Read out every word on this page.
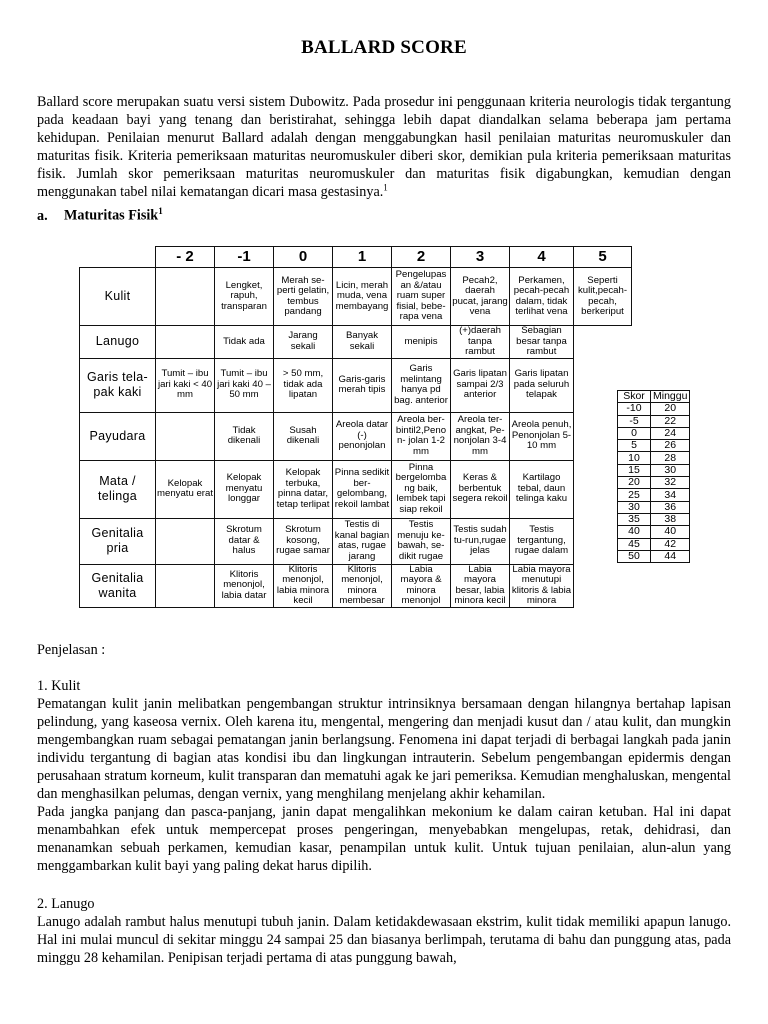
BALLARD SCORE

Ballard score merupakan suatu versi sistem Dubowitz. Pada prosedur ini penggunaan kriteria neurologis tidak tergantung pada keadaan bayi yang tenang dan beristirahat, sehingga lebih dapat diandalkan selama beberapa jam pertama kehidupan. Penilaian menurut Ballard adalah dengan menggabungkan hasil penilaian maturitas neuromuskuler dan maturitas fisik. Kriteria pemeriksaan maturitas neuromuskuler diberi skor, demikian pula kriteria pemeriksaan maturitas fisik. Jumlah skor pemeriksaan maturitas neuromuskuler dan maturitas fisik digabungkan, kemudian dengan menggunakan tabel nilai kematangan dicari masa gestasinya.$^1$

a. Maturitas Fisik$^1$

	- 2	-1	0	1	2	3	4	5
Kulit		Lengket, rapuh, transparan	Merah se-perti gelatin, tembus pandang	Licin, merah muda, vena membayang	Pengelupas an &/atau ruam super fisial, bebe-rapa vena	Pecah2, daerah pucat, jarang vena	Perkamen, pecah-pecah dalam, tidak terlihat vena	Seperti kulit,pecah-pecah, berkeriput
Lanugo		Tidak ada	Jarang sekali	Banyak sekali	menipis	(+)daerah tanpa rambut	Sebagian besar tanpa rambut	
Garis tela-pak kaki	Tumit – ibu jari kaki < 40 mm	Tumit – ibu jari kaki 40 –50 mm	> 50 mm, tidak ada lipatan	Garis-garis merah tipis	Garis melintang hanya pd bag. anterior	Garis lipatan sampai 2/3 anterior	Garis lipatan pada seluruh telapak	
Payudara		Tidak dikenali	Susah dikenali	Areola datar (-) penonjolan	Areola ber-bintil2,Peno n- jolan 1-2 mm	Areola ter-angkat, Pe-nonjolan 3-4 mm	Areola penuh, Penonjolan 5- 10 mm	
Mata / telinga	Kelopak menyatu erat	Kelopak menyatu longgar	Kelopak terbuka, pinna datar, tetap terlipat	Pinna sedikit ber-gelombang, rekoil lambat	Pinna bergelomba ng baik, lembek tapi siap rekoil	Keras & berbentuk segera rekoil	Kartilago tebal, daun telinga kaku	
Genitalia pria		Skrotum datar & halus	Skrotum kosong, rugae samar	Testis di kanal bagian atas, rugae jarang	Testis menuju ke-bawah, se-dikit rugae	Testis sudah tu-run,rugae jelas	Testis tergantung, rugae dalam	
Genitalia wanita		Klitoris menonjol, labia datar	Klitoris menonjol, labia minora kecil	Klitoris menonjol, minora membesar	Labia mayora & minora menonjol	Labia mayora besar, labia minora kecil	Labia mayora menutupi klitoris & labia minora	
Skor	Minggu
-10	20
-5	22
0	24
5	26
10	28
15	30
20	32
25	34
30	36
35	38
40	40
45	42
50	44

Penjelasan :

1. Kulit

Pematangan kulit janin melibatkan pengembangan struktur intrinsiknya bersamaan dengan hilangnya bertahap lapisan pelindung, yang kaseosa vernix. Oleh karena itu, mengental, mengering dan menjadi kusut dan / atau kulit, dan mungkin mengembangkan ruam sebagai pematangan janin berlangsung. Fenomena ini dapat terjadi di berbagai langkah pada janin individu tergantung di bagian atas kondisi ibu dan lingkungan intrauterin. Sebelum pengembangan epidermis dengan perusahaan stratum korneum, kulit transparan dan mematuhi agak ke jari pemeriksa. Kemudian menghaluskan, mengental dan menghasilkan pelumas, dengan vernix, yang menghilang menjelang akhir kehamilan.

Pada jangka panjang dan pasca-panjang, janin dapat mengalihkan mekonium ke dalam cairan ketuban. Hal ini dapat menambahkan efek untuk mempercepat proses pengeringan, menyebabkan mengelupas, retak, dehidrasi, dan menanamkan sebuah perkamen, kemudian kasar, penampilan untuk kulit. Untuk tujuan penilaian, alun-alun yang menggambarkan kulit bayi yang paling dekat harus dipilih.

2. Lanugo

Lanugo adalah rambut halus menutupi tubuh janin. Dalam ketidakdewasaan ekstrim, kulit tidak memiliki apapun lanugo. Hal ini mulai muncul di sekitar minggu 24 sampai 25 dan biasanya berlimpah, terutama di bahu dan punggung atas, pada minggu 28 kehamilan. Penipisan terjadi pertama di atas punggung bawah,
